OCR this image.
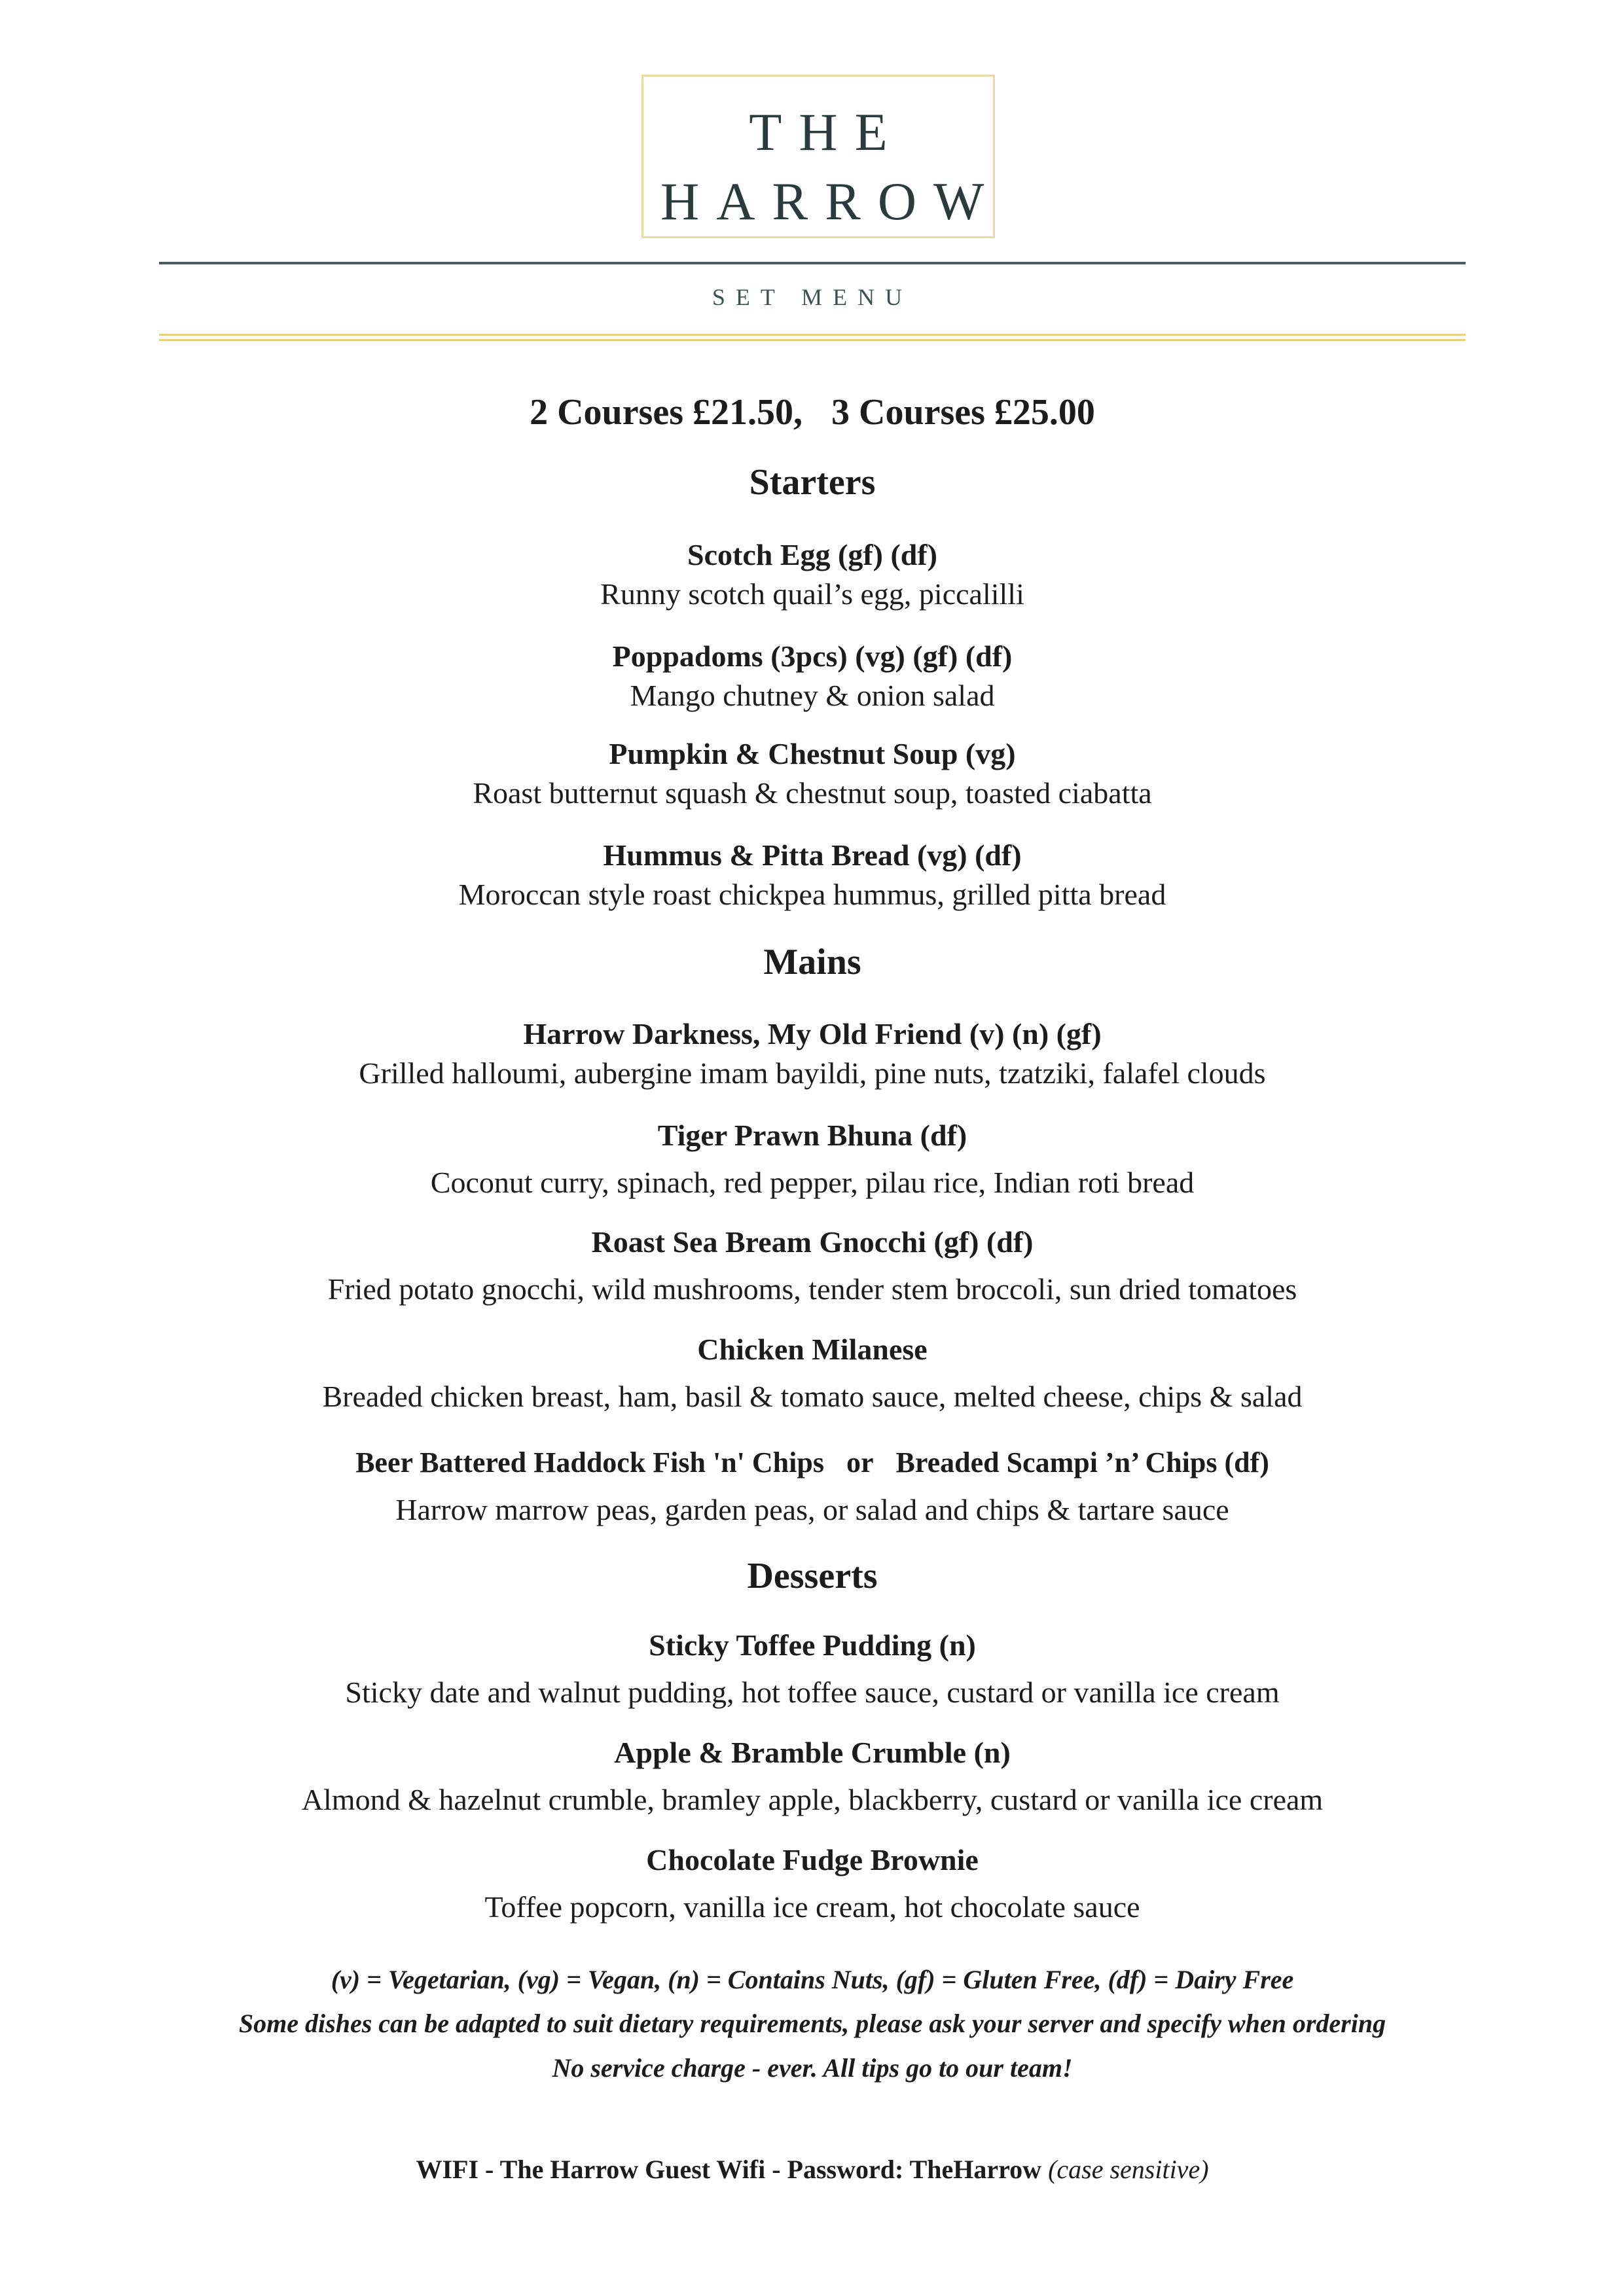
THE
HARROW
SET MENU
2 Courses £21.50, 3 Courses £25.00

Starters

Scotch Egg (gf) (df)

Runny scotch quail’s egg, piccalilli

Poppadoms (3pcs) (vg) (gf) (df)

Mango chutney & onion salad

Pumpkin & Chestnut Soup (vg)

Roast butternut squash & chestnut soup, toasted ciabatta

Hummus & Pitta Bread (vg) (df)

Moroccan style roast chickpea hummus, grilled pitta bread

Mains

Harrow Darkness, My Old Friend (v) (n) (gf)

Grilled halloumi, aubergine imam bayildi, pine nuts, tzatziki, falafel clouds

Tiger Prawn Bhuna (df)

Coconut curry, spinach, red pepper, pilau rice, Indian roti bread

Roast Sea Bream Gnocchi (gf) (df)

Fried potato gnocchi, wild mushrooms, tender stem broccoli, sun dried tomatoes

Chicken Milanese

Breaded chicken breast, ham, basil & tomato sauce, melted cheese, chips & salad

Beer Battered Haddock Fish 'n' Chips or Breaded Scampi ’n’ Chips (df)

Harrow marrow peas, garden peas, or salad and chips & tartare sauce

Desserts

Sticky Toffee Pudding (n)

Sticky date and walnut pudding, hot toffee sauce, custard or vanilla ice cream

Apple & Bramble Crumble (n)

Almond & hazelnut crumble, bramley apple, blackberry, custard or vanilla ice cream

Chocolate Fudge Brownie

Toffee popcorn, vanilla ice cream, hot chocolate sauce

(v) = Vegetarian, (vg) = Vegan, (n) = Contains Nuts, (gf) = Gluten Free, (df) = Dairy Free
Some dishes can be adapted to suit dietary requirements, please ask your server and specify when ordering
No service charge - ever. All tips go to our team!
WIFI - The Harrow Guest Wifi - Password: TheHarrow (case sensitive)
